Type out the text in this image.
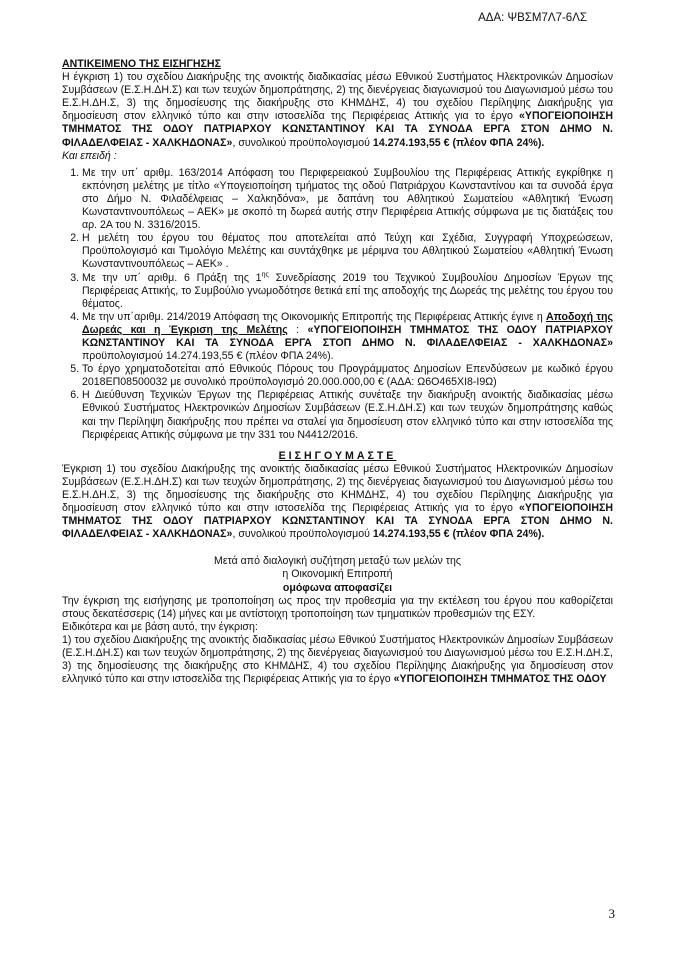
ΑΔΑ: ΨΒΣΜ7Λ7-6ΛΣ

ΑΝΤΙΚΕΙΜΕΝΟ ΤΗΣ ΕΙΣΗΓΗΣΗΣ

Η έγκριση 1) του σχεδίου Διακήρυξης της ανοικτής διαδικασίας μέσω Εθνικού Συστήματος Ηλεκτρονικών Δημοσίων Συμβάσεων (Ε.Σ.Η.ΔΗ.Σ) και των τευχών δημοπράτησης, 2) της διενέργειας διαγωνισμού του Διαγωνισμού μέσω του Ε.Σ.Η.ΔΗ.Σ, 3) της δημοσίευσης της διακήρυξης στο ΚΗΜΔΗΣ, 4) του σχεδίου Περίληψης Διακήρυξης για δημοσίευση στον ελληνικό τύπο και στην ιστοσελίδα της Περιφέρειας Αττικής για το έργο «ΥΠΟΓΕΙΟΠΟΙΗΣΗ ΤΜΗΜΑΤΟΣ ΤΗΣ ΟΔΟΥ ΠΑΤΡΙΑΡΧΟΥ ΚΩΝΣΤΑΝΤΙΝΟΥ ΚΑΙ ΤΑ ΣΥΝΟΔΑ ΕΡΓΑ ΣΤΟΝ ΔΗΜΟ Ν. ΦΙΛΑΔΕΛΦΕΙΑΣ - ΧΑΛΚΗΔΟΝΑΣ», συνολικού προϋπολογισμού 14.274.193,55 € (πλέον ΦΠΑ 24%).

Και επειδή :

1. Με την υπ΄ αριθμ. 163/2014 Απόφαση του Περιφερειακού Συμβουλίου της Περιφέρειας Αττικής εγκρίθηκε η εκπόνηση μελέτης με τίτλο «Υπογειοποίηση τμήματος της οδού Πατριάρχου Κωνσταντίνου και τα συνοδά έργα στο Δήμο Ν. Φιλαδέλφειας – Χαλκηδόνα», με δαπάνη του Αθλητικού Σωματείου «Αθλητική Ένωση Κωνσταντινουπόλεως – ΑΕΚ» με σκοπό τη δωρεά αυτής στην Περιφέρεια Αττικής σύμφωνα με τις διατάξεις του αρ. 2Α του Ν. 3316/2015.
2. Η μελέτη του έργου του θέματος που αποτελείται από Τεύχη και Σχέδια, Συγγραφή Υποχρεώσεων, Προϋπολογισμό και Τιμολόγιο Μελέτης και συντάχθηκε με μέριμνα του Αθλητικού Σωματείου «Αθλητική Ένωση Κωνσταντινουπόλεως – ΑΕΚ» .
3. Με την υπ΄ αριθμ. 6 Πράξη της $1^{\eta\varsigma}$ Συνεδρίασης 2019 του Τεχνικού Συμβουλίου Δημοσίων Έργων της Περιφέρειας Αττικής, το Συμβούλιο γνωμοδότησε θετικά επί της αποδοχής της Δωρεάς της μελέτης του έργου του θέματος.
4. Με την υπ΄αριθμ. 214/2019 Απόφαση της Οικονομικής Επιτροπής της Περιφέρειας Αττικής έγινε η Αποδοχή της Δωρεάς και η Έγκριση της Μελέτης : «ΥΠΟΓΕΙΟΠΟΙΗΣΗ ΤΜΗΜΑΤΟΣ ΤΗΣ ΟΔΟΥ ΠΑΤΡΙΑΡΧΟΥ ΚΩΝΣΤΑΝΤΙΝΟΥ ΚΑΙ ΤΑ ΣΥΝΟΔΑ ΕΡΓΑ ΣΤΟΠ ΔΗΜΟ Ν. ΦΙΛΑΔΕΛΦΕΙΑΣ - ΧΑΛΚΗΔΟΝΑΣ» προϋπολογισμού 14.274.193,55 € (πλέον ΦΠΑ 24%).
5. Το έργο χρηματοδοτείται από Εθνικούς Πόρους του Προγράμματος Δημοσίων Επενδύσεων με κωδικό έργου 2018ΕΠ08500032 με συνολικό προϋπολογισμό 20.000.000,00 € (ΑΔΑ: Ω6Ο465ΧΙ8-Ι9Ω)
6. Η Διεύθυνση Τεχνικών Έργων της Περιφέρειας Αττικής συνέταξε την διακήρυξη ανοικτής διαδικασίας μέσω Εθνικού Συστήματος Ηλεκτρονικών Δημοσίων Συμβάσεων (Ε.Σ.Η.ΔΗ.Σ) και των τευχών δημοπράτησης καθώς και την Περίληψη διακήρυξης που πρέπει να σταλεί για δημοσίευση στον ελληνικό τύπο και στην ιστοσελίδα της Περιφέρειας Αττικής σύμφωνα με την 331 του Ν4412/2016.

ΕΙΣΗΓΟΥΜΑΣΤΕ

Έγκριση 1) του σχεδίου Διακήρυξης της ανοικτής διαδικασίας μέσω Εθνικού Συστήματος Ηλεκτρονικών Δημοσίων Συμβάσεων (Ε.Σ.Η.ΔΗ.Σ) και των τευχών δημοπράτησης, 2) της διενέργειας διαγωνισμού του Διαγωνισμού μέσω του Ε.Σ.Η.ΔΗ.Σ, 3) της δημοσίευσης της διακήρυξης στο ΚΗΜΔΗΣ, 4) του σχεδίου Περίληψης Διακήρυξης για δημοσίευση στον ελληνικό τύπο και στην ιστοσελίδα της Περιφέρειας Αττικής για το έργο «ΥΠΟΓΕΙΟΠΟΙΗΣΗ ΤΜΗΜΑΤΟΣ ΤΗΣ ΟΔΟΥ ΠΑΤΡΙΑΡΧΟΥ ΚΩΝΣΤΑΝΤΙΝΟΥ ΚΑΙ ΤΑ ΣΥΝΟΔΑ ΕΡΓΑ ΣΤΟΝ ΔΗΜΟ Ν. ΦΙΛΑΔΕΛΦΕΙΑΣ - ΧΑΛΚΗΔΟΝΑΣ», συνολικού προϋπολογισμού 14.274.193,55 € (πλέον ΦΠΑ 24%).

Μετά από διαλογική συζήτηση μεταξύ των μελών της

η Οικονομική Επιτροπή

ομόφωνα αποφασίζει

Την έγκριση της εισήγησης με τροποποίηση ως προς την προθεσμία για την εκτέλεση του έργου που καθορίζεται στους δεκατέσσερις (14) μήνες και με αντίστοιχη τροποποίηση των τμηματικών προθεσμιών της ΕΣΥ.

Ειδικότερα και με βάση αυτό, την έγκριση:

1) του σχεδίου Διακήρυξης της ανοικτής διαδικασίας μέσω Εθνικού Συστήματος Ηλεκτρονικών Δημοσίων Συμβάσεων (Ε.Σ.Η.ΔΗ.Σ) και των τευχών δημοπράτησης, 2) της διενέργειας διαγωνισμού του Διαγωνισμού μέσω του Ε.Σ.Η.ΔΗ.Σ, 3) της δημοσίευσης της διακήρυξης στο ΚΗΜΔΗΣ, 4) του σχεδίου Περίληψης Διακήρυξης για δημοσίευση στον ελληνικό τύπο και στην ιστοσελίδα της Περιφέρειας Αττικής για το έργο «ΥΠΟΓΕΙΟΠΟΙΗΣΗ ΤΜΗΜΑΤΟΣ ΤΗΣ ΟΔΟΥ

3
